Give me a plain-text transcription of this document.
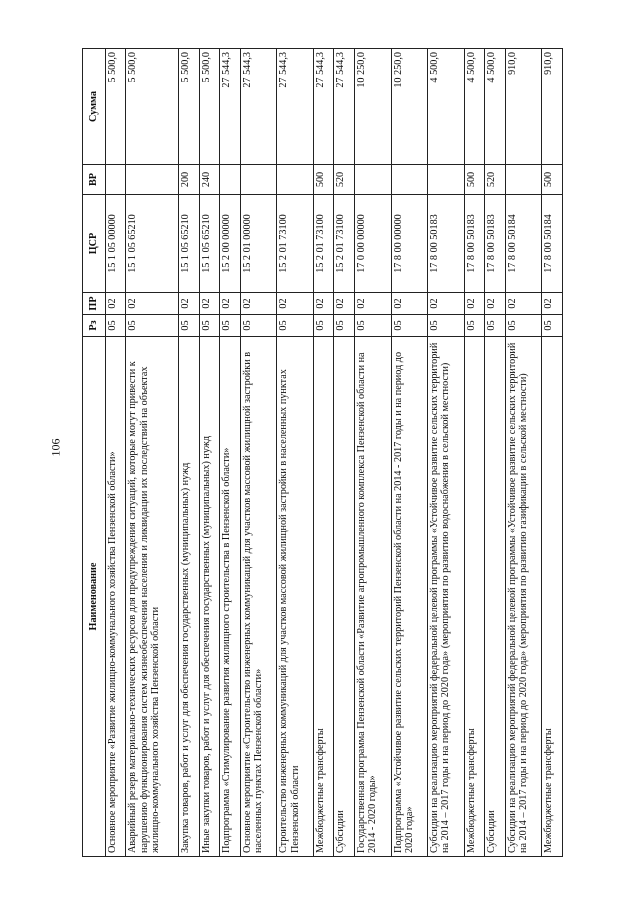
106
Наименование	Рз	ПР	ЦСР	ВР	Сумма
Основное мероприятие «Развитие жилищно-коммунального хозяйства Пензенской области»	05	02	15 1 05 00000		5 500,0
Аварийный резерв материально-технических ресурсов для предупреждения ситуаций, которые могут привести к нарушению функционирования систем жизнеобеспечения населения и ликвидации их последствий на объектах жилищно-коммунального хозяйства Пензенской области	05	02	15 1 05 65210		5 500,0
Закупка товаров, работ и услуг для обеспечения государственных (муниципальных) нужд	05	02	15 1 05 65210	200	5 500,0
Иные закупки товаров, работ и услуг для обеспечения государственных (муниципальных) нужд	05	02	15 1 05 65210	240	5 500,0
Подпрограмма «Стимулирование развития жилищного строительства в Пензенской области»	05	02	15 2 00 00000		27 544,3
Основное мероприятие «Строительство инженерных коммуникаций для участков массовой жилищной застройки в населенных пунктах Пензенской области»	05	02	15 2 01 00000		27 544,3
Строительство инженерных коммуникаций для участков массовой жилищной застройки в населенных пунктах Пензенской области	05	02	15 2 01 73100		27 544,3
Межбюджетные трансферты	05	02	15 2 01 73100	500	27 544,3
Субсидии	05	02	15 2 01 73100	520	27 544,3
Государственная программа Пензенской области «Развитие агропромышленного комплекса Пензенской области на 2014 - 2020 годы»	05	02	17 0 00 00000		10 250,0
Подпрограмма «Устойчивое развитие сельских территорий Пензенской области на 2014 - 2017 годы и на период до 2020 года»	05	02	17 8 00 00000		10 250,0
Субсидии на реализацию мероприятий федеральной целевой программы «Устойчивое развитие сельских территорий на 2014 – 2017 годы и на период до 2020 года» (мероприятия по развитию водоснабжения в сельской местности)	05	02	17 8 00 50183		4 500,0
Межбюджетные трансферты	05	02	17 8 00 50183	500	4 500,0
Субсидии	05	02	17 8 00 50183	520	4 500,0
Субсидии на реализацию мероприятий федеральной целевой программы «Устойчивое развитие сельских территорий на 2014 – 2017 годы и на период до 2020 года» (мероприятия по развитию газификации в сельской местности)	05	02	17 8 00 50184		910,0
Межбюджетные трансферты	05	02	17 8 00 50184	500	910,0
